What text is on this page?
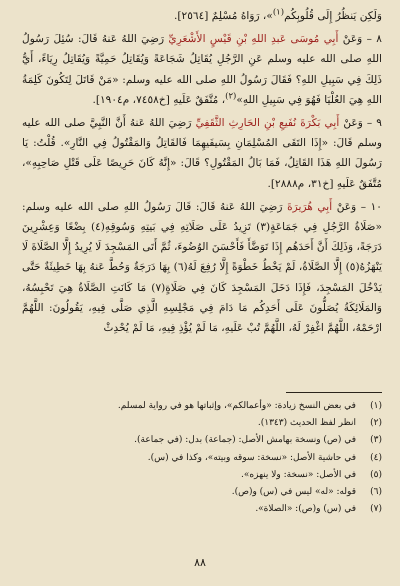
وَلَكِن يَنظُرُ إِلَى قُلُوبِكُم$^{(١)}$»، رَوَاهُ مُسْلِمٌ [٢٥٦٤].

٨ – وَعَنْ أَبِي مُوسَى عَبدِ اللهِ بْنِ قَيْسٍ الأَشْعَرِيِّ رَضِيَ اللهُ عَنهُ قَالَ: سُئِلَ رَسُولُ اللهِ صلى الله عليه وسلم عَنِ الرَّجُلِ يُقَاتِلُ شَجَاعَةً وَيُقَاتِلُ حَمِيَّةً وَيُقَاتِلُ رِيَاءً، أَيُّ ذَلِكَ فِي سَبِيلِ اللهِ؟ فَقَالَ رَسُولُ اللهِ صلى الله عليه وسلم: «مَنْ قَاتَلَ لِتَكُونَ كَلِمَةُ اللهِ هِيَ العُلْيَا فَهُوَ فِي سَبِيلِ اللهِ»$^{(٢)}$، مُتَّفَقٌ عَلَيهِ [خ٧٤٥٨، م١٩٠٤].

٩ – وَعَنْ أَبِي بَكْرَةَ نُفَيعِ بْنِ الحَارِثِ الثَّقَفِيِّ رَضِيَ اللهُ عَنهُ أَنَّ النَّبِيَّ صلى الله عليه وسلم قَالَ: «إِذَا التَقَى المُسْلِمَانِ بِسَيفَيهِمَا فَالقَاتِلُ وَالمَقْتُولُ فِي النَّارِ». قُلْتُ: يَا رَسُولَ اللهِ هَذَا القَاتِلُ، فَمَا بَالُ المَقْتُولِ؟ قَالَ: «إِنَّهُ كَانَ حَرِيصًا عَلَى قَتْلِ صَاحِبِهِ»، مُتَّفَقٌ عَلَيهِ [خ٣١، م٢٨٨٨].

١٠ – وَعَنْ أَبِي هُرَيرَةَ رَضِيَ اللهُ عَنهُ قَالَ: قَالَ رَسُولُ اللهِ صلى الله عليه وسلم: «صَلَاةُ الرَّجُلِ فِي جَمَاعَةٍ(٣) تَزِيدُ عَلَى صَلَاتِهِ فِي بَيتِهِ وَسُوقِهِ(٤) بِضْعًا وَعِشْرِينَ دَرَجَةً، وَذَلِكَ أَنَّ أَحَدَهُم إِذَا تَوَضَّأَ فَأَحْسَنَ الوُضُوءَ، ثُمَّ أَتَى المَسْجِدَ لَا يُرِيدُ إِلَّا الصَّلَاةَ لَا يَنْهَزُهُ(٥) إِلَّا الصَّلَاةُ، لَمْ يَخْطُ خَطْوَةً إِلَّا رُفِعَ لَهُ(٦) بِهَا دَرَجَةٌ وَحُطَّ عَنهُ بِهَا خَطِيئَةٌ حَتَّى يَدْخُلَ المَسْجِدَ، فَإِذَا دَخَلَ المَسْجِدَ كَانَ فِي صَلَاةٍ(٧) مَا كَانَتِ الصَّلَاةُ هِيَ تَحْبِسُهُ، وَالمَلَائِكَةُ يُصَلُّونَ عَلَى أَحَدِكُم مَا دَامَ فِي مَجْلِسِهِ الَّذِي صَلَّى فِيهِ، يَقُولُونَ: اللَّهُمَّ ارْحَمْهُ، اللَّهُمَّ اغْفِرْ لَهُ، اللَّهُمَّ تُبْ عَلَيهِ، مَا لَمْ يُؤْذِ فِيهِ، مَا لَمْ يُحْدِثْ

(١)
في بعض النسخ زيادة: «وأعمالكم»، وإثباتها هو في رواية لمسلم.
(٢)
انظر لفظ الحديث (١٣٤٣).
(٣)
في (ص) ونسخة بهامش الأصل: (جماعة) بدل: (في جماعة).
(٤)
في حاشية الأصل: «نسخة: سوقه وبيته»، وكذا في (س).
(٥)
في الأصل: «نسخة: ولا ينهزه».
(٦)
قوله: «له» ليس في (س) و(ص).
(٧)
في (س) و(ص): «الصلاة».
٨٨
